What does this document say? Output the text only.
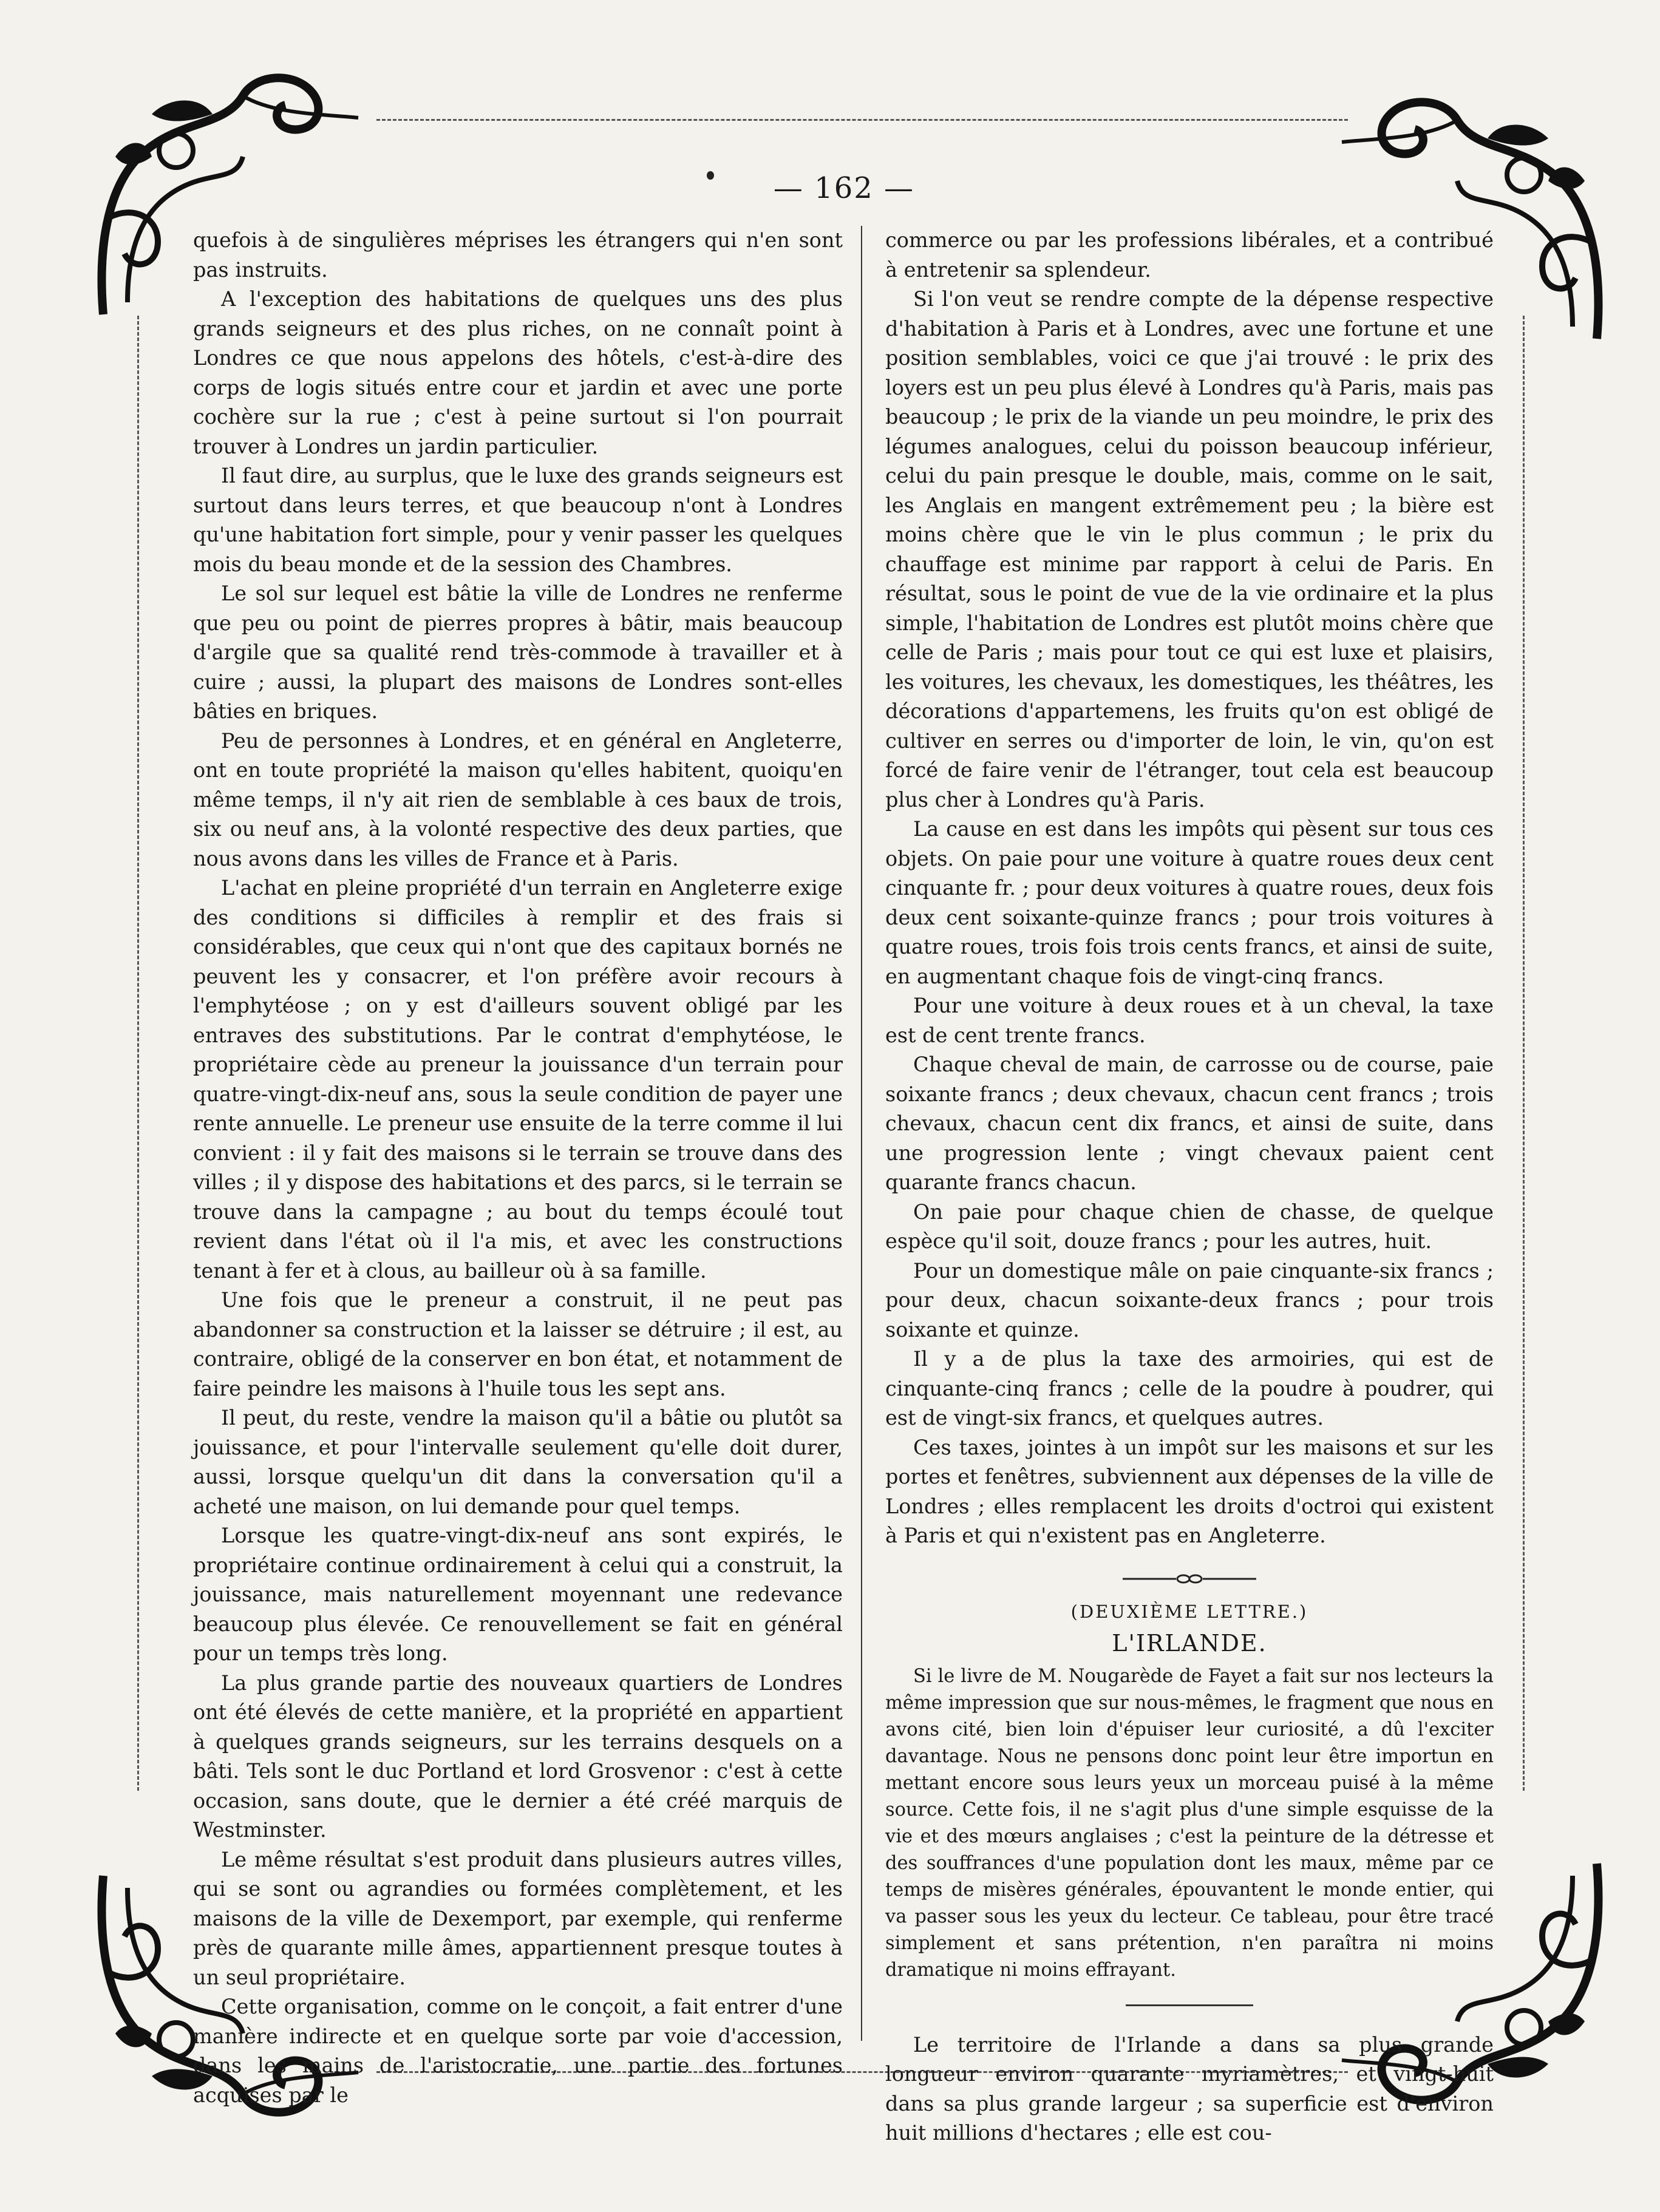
— 162 —

quefois à de singulières méprises les étrangers qui n'en sont pas instruits.

A l'exception des habitations de quelques uns des plus grands seigneurs et des plus riches, on ne connaît point à Londres ce que nous appelons des hôtels, c'est-à-dire des corps de logis situés entre cour et jardin et avec une porte cochère sur la rue ; c'est à peine surtout si l'on pourrait trouver à Londres un jardin particulier.

Il faut dire, au surplus, que le luxe des grands seigneurs est surtout dans leurs terres, et que beaucoup n'ont à Londres qu'une habitation fort simple, pour y venir passer les quelques mois du beau monde et de la session des Chambres.

Le sol sur lequel est bâtie la ville de Londres ne renferme que peu ou point de pierres propres à bâtir, mais beaucoup d'argile que sa qualité rend très-commode à travailler et à cuire ; aussi, la plupart des maisons de Londres sont-elles bâties en briques.

Peu de personnes à Londres, et en général en Angleterre, ont en toute propriété la maison qu'elles habitent, quoiqu'en même temps, il n'y ait rien de semblable à ces baux de trois, six ou neuf ans, à la volonté respective des deux parties, que nous avons dans les villes de France et à Paris.

L'achat en pleine propriété d'un terrain en Angleterre exige des conditions si difficiles à remplir et des frais si considérables, que ceux qui n'ont que des capitaux bornés ne peuvent les y consacrer, et l'on préfère avoir recours à l'emphytéose ; on y est d'ailleurs souvent obligé par les entraves des substitutions. Par le contrat d'emphytéose, le propriétaire cède au preneur la jouissance d'un terrain pour quatre-vingt-dix-neuf ans, sous la seule condition de payer une rente annuelle. Le preneur use ensuite de la terre comme il lui convient : il y fait des maisons si le terrain se trouve dans des villes ; il y dispose des habitations et des parcs, si le terrain se trouve dans la campagne ; au bout du temps écoulé tout revient dans l'état où il l'a mis, et avec les constructions tenant à fer et à clous, au bailleur où à sa famille.

Une fois que le preneur a construit, il ne peut pas abandonner sa construction et la laisser se détruire ; il est, au contraire, obligé de la conserver en bon état, et notamment de faire peindre les maisons à l'huile tous les sept ans.

Il peut, du reste, vendre la maison qu'il a bâtie ou plutôt sa jouissance, et pour l'intervalle seulement qu'elle doit durer, aussi, lorsque quelqu'un dit dans la conversation qu'il a acheté une maison, on lui demande pour quel temps.

Lorsque les quatre-vingt-dix-neuf ans sont expirés, le propriétaire continue ordinairement à celui qui a construit, la jouissance, mais naturellement moyennant une redevance beaucoup plus élevée. Ce renouvellement se fait en général pour un temps très long.

La plus grande partie des nouveaux quartiers de Londres ont été élevés de cette manière, et la propriété en appartient à quelques grands seigneurs, sur les terrains desquels on a bâti. Tels sont le duc Portland et lord Grosvenor : c'est à cette occasion, sans doute, que le dernier a été créé marquis de Westminster.

Le même résultat s'est produit dans plusieurs autres villes, qui se sont ou agrandies ou formées complètement, et les maisons de la ville de Dexemport, par exemple, qui renferme près de quarante mille âmes, appartiennent presque toutes à un seul propriétaire.

Cette organisation, comme on le conçoit, a fait entrer d'une manière indirecte et en quelque sorte par voie d'accession, dans les mains de l'aristocratie, une partie des fortunes acquises par le

commerce ou par les professions libérales, et a contribué à entretenir sa splendeur.

Si l'on veut se rendre compte de la dépense respective d'habitation à Paris et à Londres, avec une fortune et une position semblables, voici ce que j'ai trouvé : le prix des loyers est un peu plus élevé à Londres qu'à Paris, mais pas beaucoup ; le prix de la viande un peu moindre, le prix des légumes analogues, celui du poisson beaucoup inférieur, celui du pain presque le double, mais, comme on le sait, les Anglais en mangent extrêmement peu ; la bière est moins chère que le vin le plus commun ; le prix du chauffage est minime par rapport à celui de Paris. En résultat, sous le point de vue de la vie ordinaire et la plus simple, l'habitation de Londres est plutôt moins chère que celle de Paris ; mais pour tout ce qui est luxe et plaisirs, les voitures, les chevaux, les domestiques, les théâtres, les décorations d'appartemens, les fruits qu'on est obligé de cultiver en serres ou d'importer de loin, le vin, qu'on est forcé de faire venir de l'étranger, tout cela est beaucoup plus cher à Londres qu'à Paris.

La cause en est dans les impôts qui pèsent sur tous ces objets. On paie pour une voiture à quatre roues deux cent cinquante fr. ; pour deux voitures à quatre roues, deux fois deux cent soixante-quinze francs ; pour trois voitures à quatre roues, trois fois trois cents francs, et ainsi de suite, en augmentant chaque fois de vingt-cinq francs.

Pour une voiture à deux roues et à un cheval, la taxe est de cent trente francs.

Chaque cheval de main, de carrosse ou de course, paie soixante francs ; deux chevaux, chacun cent francs ; trois chevaux, chacun cent dix francs, et ainsi de suite, dans une progression lente ; vingt chevaux paient cent quarante francs chacun.

On paie pour chaque chien de chasse, de quelque espèce qu'il soit, douze francs ; pour les autres, huit.

Pour un domestique mâle on paie cinquante-six francs ; pour deux, chacun soixante-deux francs ; pour trois soixante et quinze.

Il y a de plus la taxe des armoiries, qui est de cinquante-cinq francs ; celle de la poudre à poudrer, qui est de vingt-six francs, et quelques autres.

Ces taxes, jointes à un impôt sur les maisons et sur les portes et fenêtres, subviennent aux dépenses de la ville de Londres ; elles remplacent les droits d'octroi qui existent à Paris et qui n'existent pas en Angleterre.

(DEUXIÈME LETTRE.)
L'IRLANDE.

Si le livre de M. Nougarède de Fayet a fait sur nos lecteurs la même impression que sur nous-mêmes, le fragment que nous en avons cité, bien loin d'épuiser leur curiosité, a dû l'exciter davantage. Nous ne pensons donc point leur être importun en mettant encore sous leurs yeux un morceau puisé à la même source. Cette fois, il ne s'agit plus d'une simple esquisse de la vie et des mœurs anglaises ; c'est la peinture de la détresse et des souffrances d'une population dont les maux, même par ce temps de misères générales, épouvantent le monde entier, qui va passer sous les yeux du lecteur. Ce tableau, pour être tracé simplement et sans prétention, n'en paraîtra ni moins dramatique ni moins effrayant.

Le territoire de l'Irlande a dans sa plus grande longueur environ quarante myriamètres, et vingt-huit dans sa plus grande largeur ; sa superficie est d'environ huit millions d'hectares ; elle est cou-
